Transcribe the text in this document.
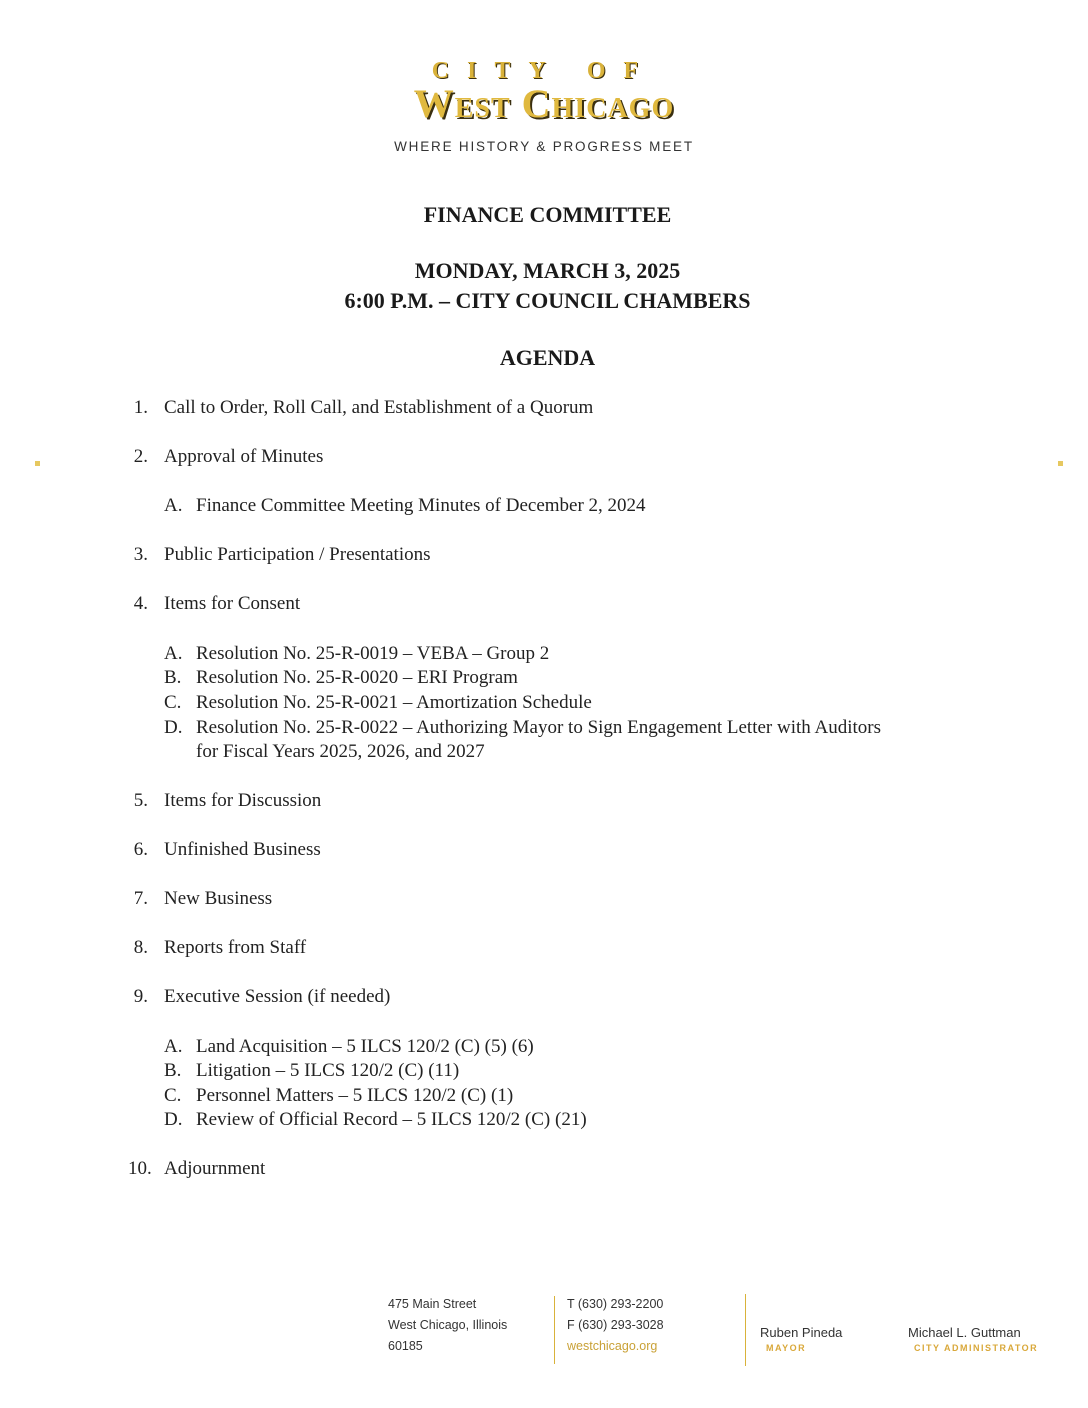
CITY OF
West Chicago
WHERE HISTORY & PROGRESS MEET
FINANCE COMMITTEE
MONDAY, MARCH 3, 2025
6:00 P.M. – CITY COUNCIL CHAMBERS
AGENDA
1. Call to Order, Roll Call, and Establishment of a Quorum
2. Approval of Minutes
A. Finance Committee Meeting Minutes of December 2, 2024
3. Public Participation / Presentations
4. Items for Consent
A. Resolution No. 25-R-0019 – VEBA – Group 2
B. Resolution No. 25-R-0020 – ERI Program
C. Resolution No. 25-R-0021 – Amortization Schedule
D. Resolution No. 25-R-0022 – Authorizing Mayor to Sign Engagement Letter with Auditors
for Fiscal Years 2025, 2026, and 2027
5. Items for Discussion
6. Unfinished Business
7. New Business
8. Reports from Staff
9. Executive Session (if needed)
A. Land Acquisition – 5 ILCS 120/2 (C) (5) (6)
B. Litigation – 5 ILCS 120/2 (C) (11)
C. Personnel Matters – 5 ILCS 120/2 (C) (1)
D. Review of Official Record – 5 ILCS 120/2 (C) (21)
10. Adjournment
475 Main Street
West Chicago, Illinois
60185
T (630) 293-2200
F (630) 293-3028
westchicago.org
Ruben Pineda
MAYOR
Michael L. Guttman
CITY ADMINISTRATOR
